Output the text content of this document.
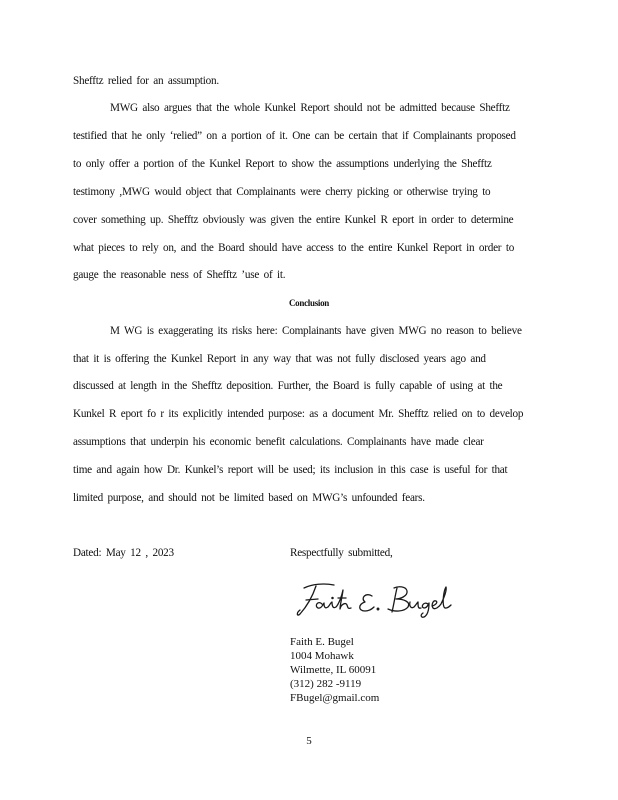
Shefftz relied for an assumption.
MWG also argues that the whole Kunkel Report should not be admitted because Shefftz
testified that he only ‘relied” on a portion of it. One can be certain that if Complainants proposed
to only offer a portion of the Kunkel Report to show the assumptions underlying the Shefftz
testimony ,MWG would object that Complainants were cherry picking or otherwise trying to
cover something up. Shefftz obviously was given the entire Kunkel R eport in order to determine
what pieces to rely on, and the Board should have access to the entire Kunkel Report in order to
gauge the reasonable ness of Shefftz ’use of it.
Conclusion
M WG is exaggerating its risks here: Complainants have given MWG no reason to believe
that it is offering the Kunkel Report in any way that was not fully disclosed years ago and
discussed at length in the Shefftz deposition. Further, the Board is fully capable of using at the
Kunkel R eport fo r its explicitly intended purpose: as a document Mr. Shefftz relied on to develop
assumptions that underpin his economic benefit calculations. Complainants have made clear
time and again how Dr. Kunkel’s report will be used; its inclusion in this case is useful for that
limited purpose, and should not be limited based on MWG’s unfounded fears.
Dated: May 12 , 2023	Respectfully submitted,
Faith E. Bugel
1004 Mohawk
Wilmette, IL 60091
(312) 282 -9119
FBugel@gmail.com
5
